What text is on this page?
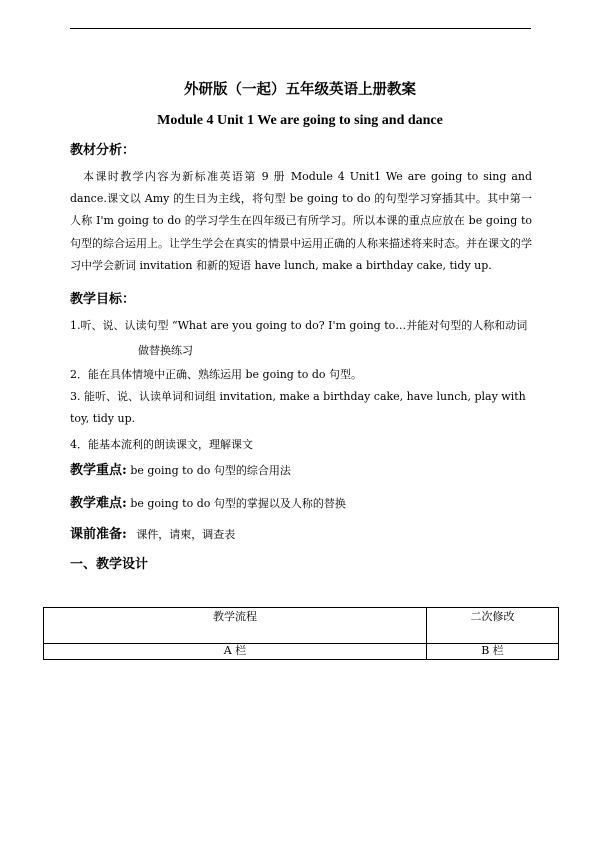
外研版（一起）五年级英语上册教案
Module 4 Unit 1 We are going to sing and dance
教材分析：
本课时教学内容为新标准英语第 9 册 Module 4 Unit1 We are going to sing and dance.课文以 Amy 的生日为主线，将句型 be going to do 的句型学习穿插其中。其中第一人称 I'm going to do 的学习学生在四年级已有所学习。所以本课的重点应放在 be going to 句型的综合运用上。让学生学会在真实的情景中运用正确的人称来描述将来时态。并在课文的学习中学会新词 invitation 和新的短语 have lunch, make a birthday cake, tidy up.
教学目标：
1.听、说、认读句型 “What are you going to do? I'm going to…并能对句型的人称和动词
做替换练习
2．能在具体情境中正确、熟练运用 be going to do 句型。
3. 能听、说、认读单词和词组 invitation, make a birthday cake, have lunch, play with toy, tidy up.
4．能基本流利的朗读课文，理解课文
教学重点: be going to do 句型的综合用法
教学难点: be going to do 句型的掌握以及人称的替换
课前准备: 课件，请柬，调查表
一、教学设计
教学流程	二次修改
A 栏	B 栏
